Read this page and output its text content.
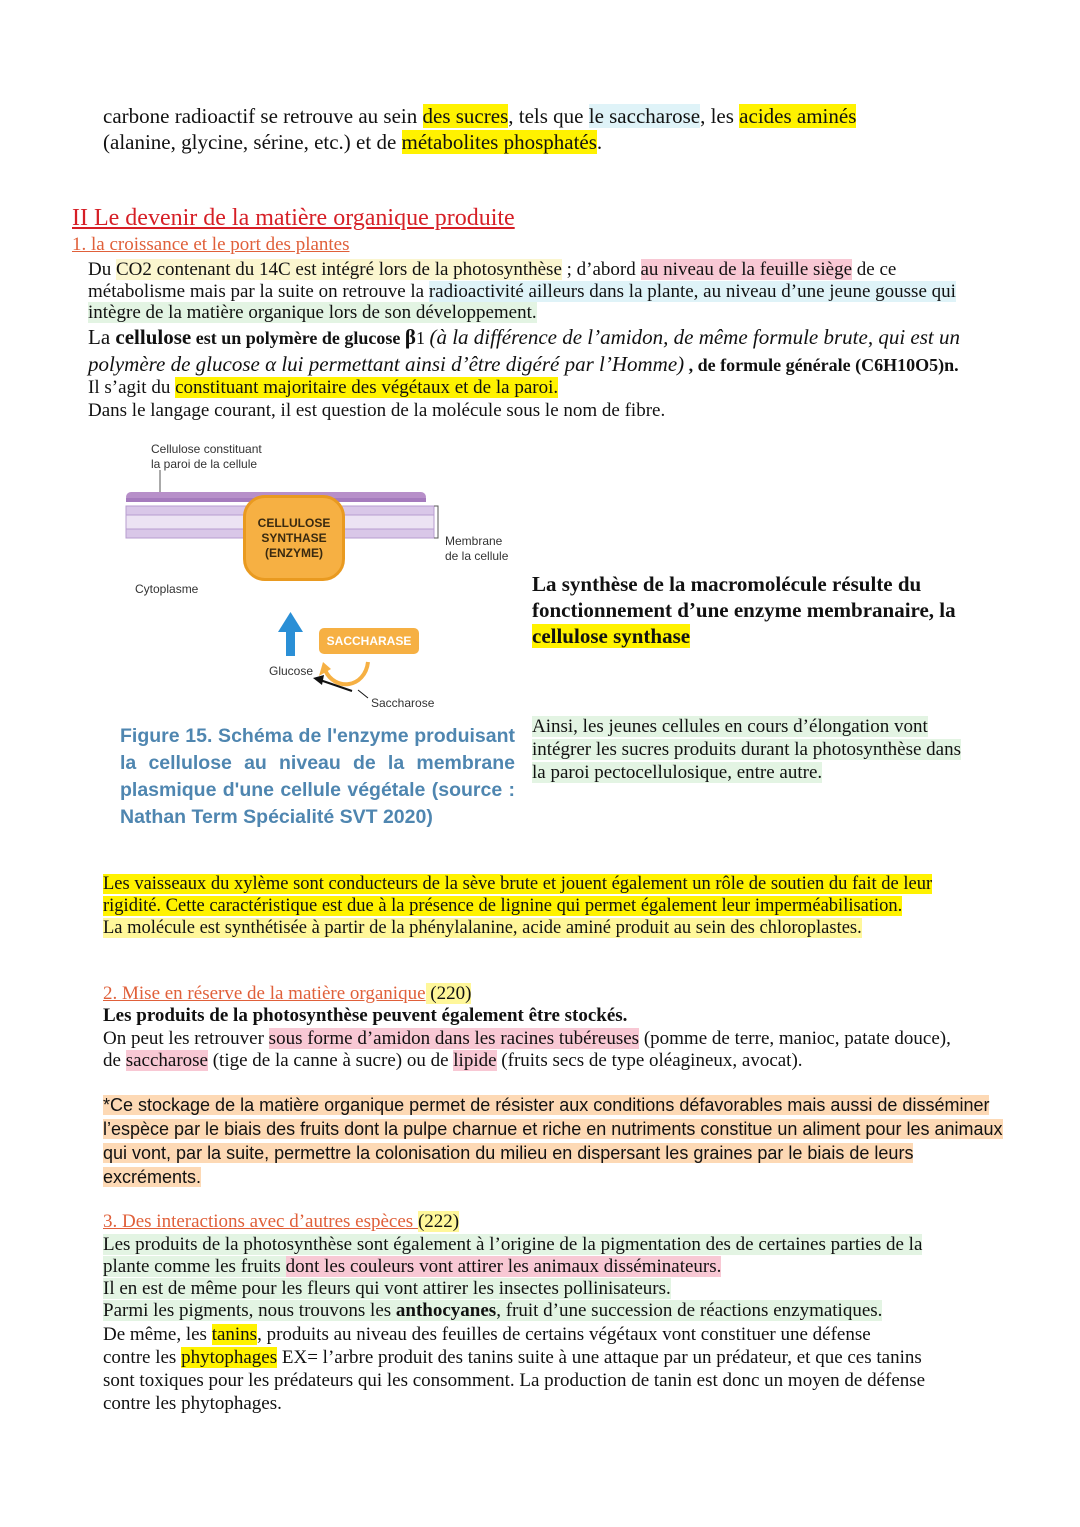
carbone radioactif se retrouve au sein des sucres, tels que le saccharose, les acides aminés
(alanine, glycine, sérine, etc.) et de métabolites phosphatés.
II Le devenir de la matière organique produite
1. la croissance et le port des plantes
Du CO2 contenant du 14C est intégré lors de la photosynthèse ; d’abord au niveau de la feuille siège de ce
métabolisme mais par la suite on retrouve la radioactivité ailleurs dans la plante, au niveau d’une jeune gousse qui
intègre de la matière organique lors de son développement.
La cellulose est un polymère de glucose β1 (à la différence de l’amidon, de même formule brute, qui est un
polymère de glucose α lui permettant ainsi d’être digéré par l’Homme) , de formule générale (C6H10O5)n.
Il s’agit du constituant majoritaire des végétaux et de la paroi.
Dans le langage courant, il est question de la molécule sous le nom de fibre.
Cellulose constituant
la paroi de la cellule
CELLULOSE
SYNTHASE
(ENZYME)
Membrane
de la cellule
Cytoplasme
SACCHARASE
Glucose
Saccharose
La synthèse de la macromolécule résulte du
fonctionnement d’une enzyme membranaire, la
cellulose synthase
Ainsi, les jeunes cellules en cours d’élongation vont
intégrer les sucres produits durant la photosynthèse dans
la paroi pectocellulosique, entre autre.
Figure 15. Schéma de l'enzyme produisant
la cellulose au niveau de la membrane
plasmique d'une cellule végétale (source :
Nathan Term Spécialité SVT 2020)
Les vaisseaux du xylème sont conducteurs de la sève brute et jouent également un rôle de soutien du fait de leur
rigidité. Cette caractéristique est due à la présence de lignine qui permet également leur imperméabilisation.
La molécule est synthétisée à partir de la phénylalanine, acide aminé produit au sein des chloroplastes.
2. Mise en réserve de la matière organique (220)
Les produits de la photosynthèse peuvent également être stockés.
On peut les retrouver sous forme d’amidon dans les racines tubéreuses (pomme de terre, manioc, patate douce),
de saccharose (tige de la canne à sucre) ou de lipide (fruits secs de type oléagineux, avocat).
*Ce stockage de la matière organique permet de résister aux conditions défavorables mais aussi de disséminer
l’espèce par le biais des fruits dont la pulpe charnue et riche en nutriments constitue un aliment pour les animaux
qui vont, par la suite, permettre la colonisation du milieu en dispersant les graines par le biais de leurs
excréments.
3. Des interactions avec d’autres espèces (222)
Les produits de la photosynthèse sont également à l’origine de la pigmentation des de certaines parties de la
plante comme les fruits dont les couleurs vont attirer les animaux disséminateurs.
Il en est de même pour les fleurs qui vont attirer les insectes pollinisateurs.
Parmi les pigments, nous trouvons les anthocyanes, fruit d’une succession de réactions enzymatiques.
De même, les tanins, produits au niveau des feuilles de certains végétaux vont constituer une défense
contre les phytophages EX= l’arbre produit des tanins suite à une attaque par un prédateur, et que ces tanins
sont toxiques pour les prédateurs qui les consomment. La production de tanin est donc un moyen de défense
contre les phytophages.
